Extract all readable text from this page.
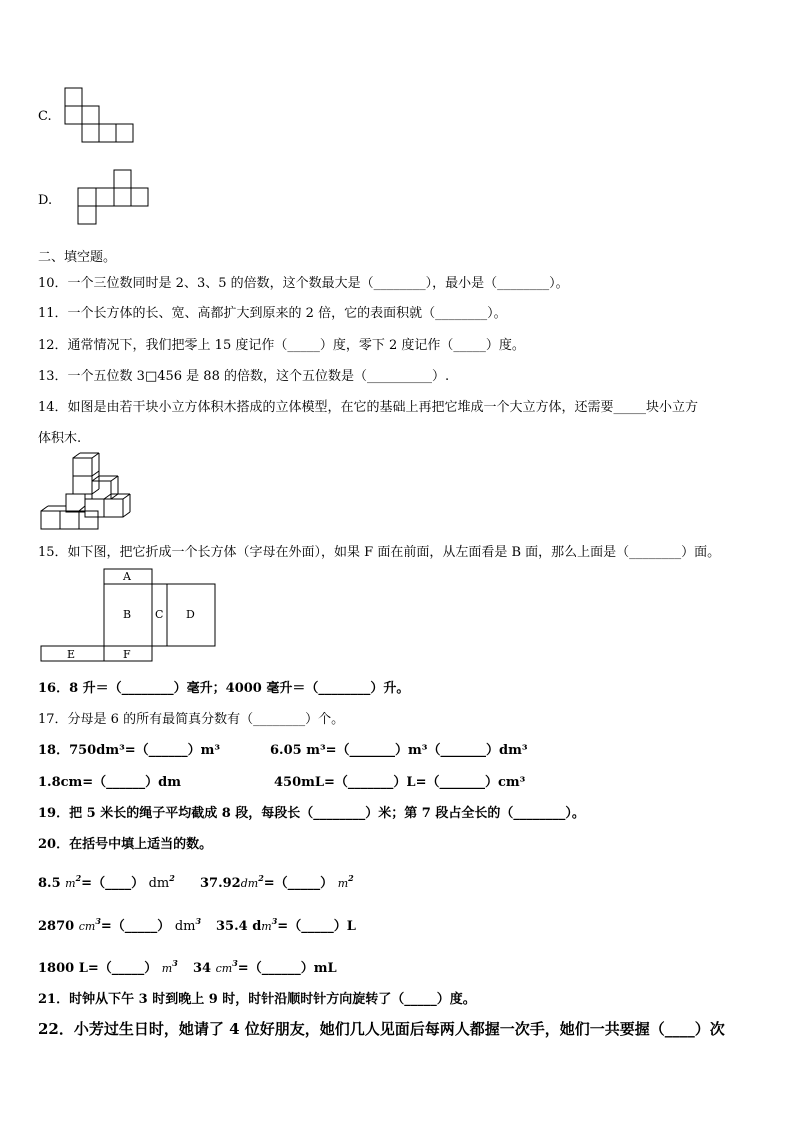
C.
D.
二、填空题。
10．一个三位数同时是 2、3、5 的倍数，这个数最大是（________），最小是（________）。
11．一个长方体的长、宽、高都扩大到原来的 2 倍，它的表面积就（________）。
12．通常情况下，我们把零上 15 度记作（_____）度，零下 2 度记作（_____）度。
13．一个五位数 3□456 是 88 的倍数，这个五位数是（__________）.
14．如图是由若干块小立方体积木搭成的立体模型，在它的基础上再把它堆成一个大立方体，还需要_____块小立方
体积木.
15．如下图，把它折成一个长方体（字母在外面），如果 F 面在前面，从左面看是 B 面，那么上面是（________）面。
A
B C D
E	F
16．8 升＝（________）毫升；4000 毫升＝（________）升。
17．分母是 6 的所有最简真分数有（________）个。
18．750dm³=（______）m³	6.05 m³=（_______）m³（_______）dm³
1.8cm=（______）dm	450mL=（_______）L=（_______）cm³
19．把 5 米长的绳子平均截成 8 段，每段长（________）米；第 7 段占全长的（________）。
20．在括号中填上适当的数。
8.5 $m^2=(\_\_\_\_)$ $dm^2$ $37.92dm^2=(\_\_\_\_\_)$ $m^2$
2870 $cm^3=(\_\_\_\_\_)$ $dm^3$ 35.4 $dm^3=(\_\_\_\_\_)L$
1800 L=（_____） $m^3$ 34 $cm^3=(\_\_\_\_\_\_)mL$
21．时钟从下午 3 时到晚上 9 时，时针沿顺时针方向旋转了（_____）度。
22．小芳过生日时，她请了 4 位好朋友，她们几人见面后每两人都握一次手，她们一共要握（____）次
